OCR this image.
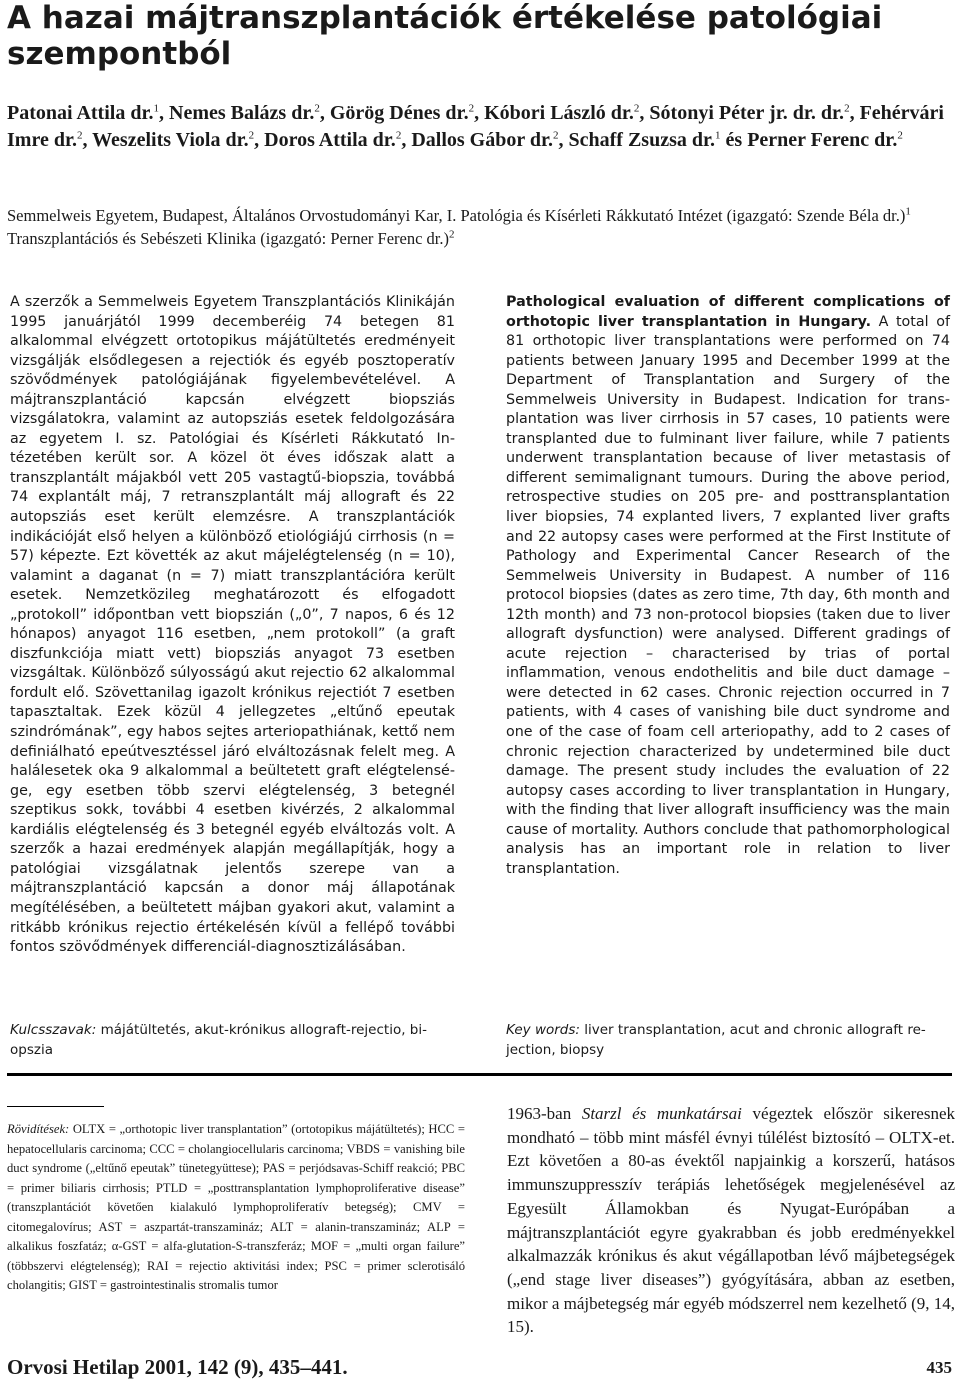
A hazai májtranszplantációk értékelése patológiai szempontból

Patonai Attila dr.$^1$, Nemes Balázs dr.$^2$, Görög Dénes dr.$^2$, Kóbori László dr.$^2$, Sótonyi Péter jr. dr. dr.$^2$, Fehérvári Imre dr.$^2$, Weszelits Viola dr.$^2$, Doros Attila dr.$^2$, Dallos Gábor dr.$^2$, Schaff Zsuzsa dr.$^1$ és Perner Ferenc dr.$^2$

Semmelweis Egyetem, Budapest, Általános Orvostudományi Kar, I. Patológia és Kísérleti Rákkutató Intézet (igazgató: Szende Béla dr.)$^1$

Transzplantációs és Sebészeti Klinika (igazgató: Perner Ferenc dr.)$^2$

A szerzők a Semmelweis Egyetem Transzplantációs Klinikáján 1995 januárjától 1999 decemberéig 74 betegen 81 alkalommal elvégzett ortotopikus májátültetés eredményeit vizsgálják elsődlegesen a rejectiók és egyéb posztoperatív szövődmények patológiájának figyelembevételével. A májtranszplantáció kapcsán elvégzett biopsziás vizsgálatokra, valamint az autopsziás esetek feldolgozására az egyetem I. sz. Patológiai és Kísérleti Rákkutató Intézetében került sor. A közel öt éves időszak alatt a transzplantált májakból vett 205 vastagtű-biopszia, továbbá 74 explantált máj, 7 retranszplantált máj allograft és 22 autopsziás eset került elemzésre. A transzplantációk indikációját első helyen a különböző etiológiájú cirrhosis (n = 57) képezte. Ezt követték az akut májelégtelenség (n = 10), valamint a daganat (n = 7) miatt transzplantációra került esetek. Nemzetközileg meghatározott és elfogadott „protokoll” időpontban vett biopszián („0”, 7 napos, 6 és 12 hónapos) anyagot 116 esetben, „nem protokoll” (a graft diszfunkciója miatt vett) biopsziás anyagot 73 esetben vizsgáltak. Különböző súlyosságú akut rejectio 62 alkalommal fordult elő. Szövettanilag igazolt krónikus rejectiót 7 esetben tapasztaltak. Ezek közül 4 jellegzetes „eltűnő epeutak szindrómának”, egy habos sejtes arteriopathiának, kettő nem definiálható epeútvesztéssel járó elváltozásnak felelt meg. A halálesetek oka 9 alkalommal a beültetett graft elégtelensége, egy esetben több szervi elégtelenség, 3 betegnél szeptikus sokk, további 4 esetben kivérzés, 2 alkalommal kardiális elégtelenség és 3 betegnél egyéb elváltozás volt. A szerzők a hazai eredmények alapján megállapítják, hogy a patológiai vizsgálatnak jelentős szerepe van a májtranszplantáció kapcsán a donor máj állapotának megítélésében, a beültetett májban gyakori akut, valamint a ritkább krónikus rejectio értékelésén kívül a fellépő további fontos szövődmények differenciál-diagnosztizálásában.

Pathological evaluation of different complications of orthotopic liver transplantation in Hungary. A total of 81 orthotopic liver transplantations were performed on 74 patients between January 1995 and December 1999 at the Department of Transplantation and Surgery of the Semmelweis University in Budapest. Indication for transplantation was liver cirrhosis in 57 cases, 10 patients were transplanted due to fulminant liver failure, while 7 patients underwent transplantation because of liver metastasis of different semimalignant tumours. During the above period, retrospective studies on 205 pre- and posttransplantation liver biopsies, 74 explanted livers, 7 explanted liver grafts and 22 autopsy cases were performed at the First Institute of Pathology and Experimental Cancer Research of the Semmelweis University in Budapest. A number of 116 protocol biopsies (dates as zero time, 7th day, 6th month and 12th month) and 73 non-protocol biopsies (taken due to liver allograft dysfunction) were analysed. Different gradings of acute rejection – characterised by trias of portal inflammation, venous endothelitis and bile duct damage – were detected in 62 cases. Chronic rejection occurred in 7 patients, with 4 cases of vanishing bile duct syndrome and one of the case of foam cell arteriopathy, add to 2 cases of chronic rejection characterized by undetermined bile duct damage. The present study includes the evaluation of 22 autopsy cases according to liver transplantation in Hungary, with the finding that liver allograft insufficiency was the main cause of mortality. Authors conclude that pathomorphological analysis has an important role in relation to liver transplantation.

Kulcsszavak: májátültetés, akut-krónikus allograft-rejectio, biopszia

Key words: liver transplantation, acut and chronic allograft rejection, biopsy

Rövidítések: OLTX = „orthotopic liver transplantation” (ortotopikus májátültetés); HCC = hepatocellularis carcinoma; CCC = cholangiocellularis carcinoma; VBDS = vanishing bile duct syndrome („eltűnő epeutak” tünetegyüttese); PAS = perjódsavas-Schiff reakció; PBC = primer biliaris cirrhosis; PTLD = „posttransplantation lymphoproliferative disease” (transzplantációt követően kialakuló lymphoproliferatív betegség); CMV = citomegalovírus; AST = aszpartát-transzamináz; ALT = alanin-transzamináz; ALP = alkalikus foszfatáz; α-GST = alfa-glutation-S-transzferáz; MOF = „multi organ failure” (többszervi elégtelenség); RAI = rejectio aktivitási index; PSC = primer sclerotisáló cholangitis; GIST = gastrointestinalis stromalis tumor

1963-ban Starzl és munkatársai végeztek először sikeresnek mondható – több mint másfél évnyi túlélést biztosító – OLTX-et. Ezt követően a 80-as évektől napjainkig a korszerű, hatásos immunszuppresszív terápiás lehetőségek megjelenésével az Egyesült Államokban és Nyugat-Európában a májtranszplantációt egyre gyakrabban és jobb eredményekkel alkalmazzák krónikus és akut végállapotban lévő májbetegségek („end stage liver diseases”) gyógyítására, abban az esetben, mikor a májbetegség már egyéb módszerrel nem kezelhető (9, 14, 15).

Orvosi Hetilap 2001, 142 (9), 435–441.	435
